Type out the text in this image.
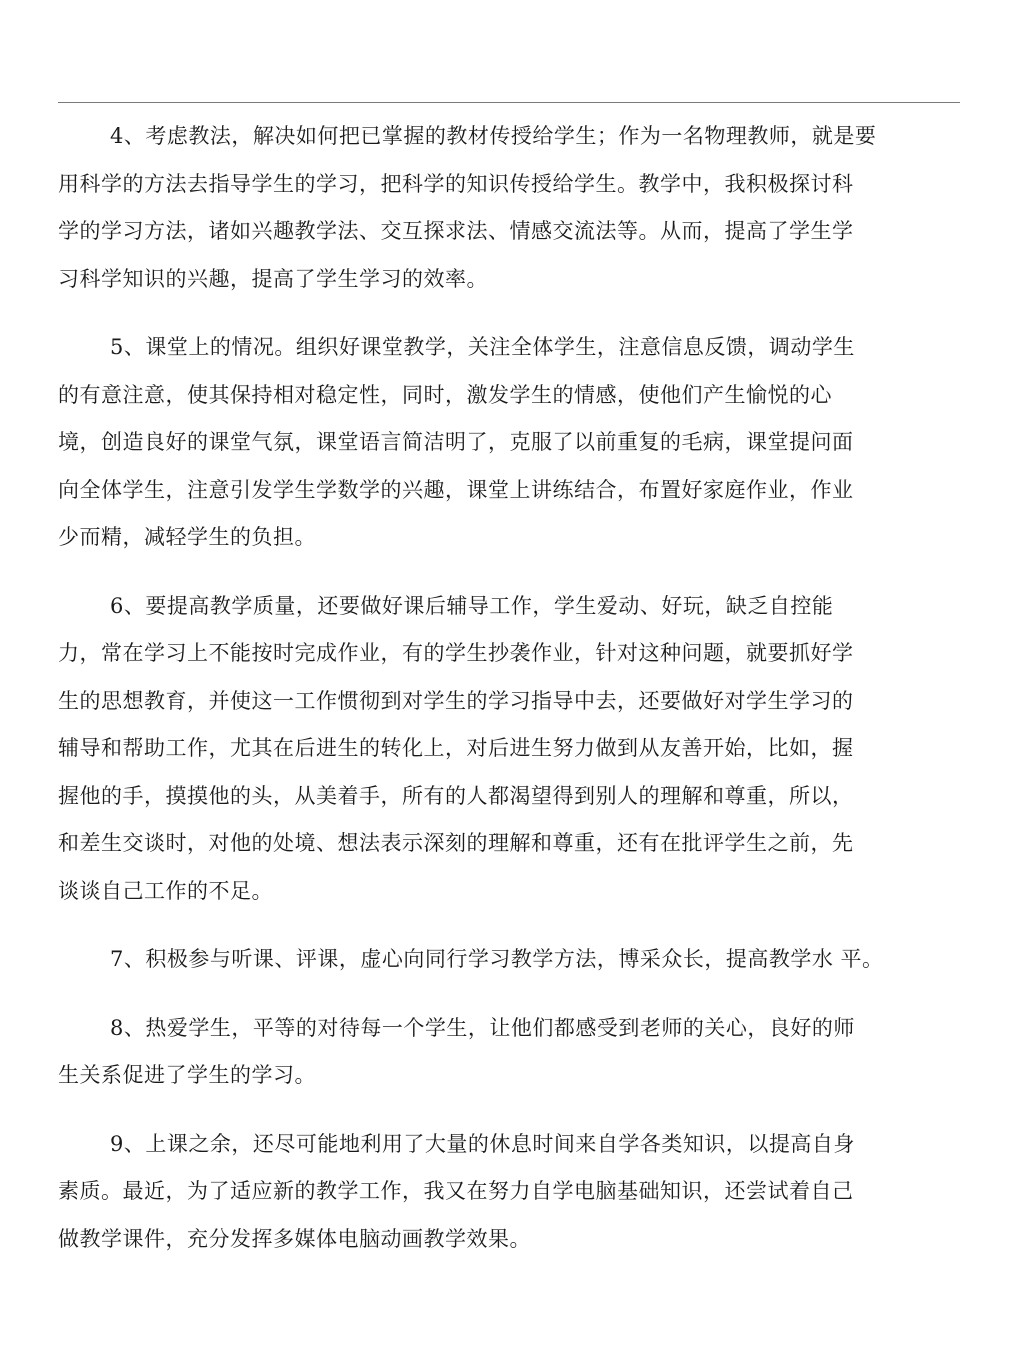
4、考虑教法，解决如何把已掌握的教材传授给学生；作为一名物理教师，就是要
用科学的方法去指导学生的学习，把科学的知识传授给学生。教学中，我积极探讨科
学的学习方法，诸如兴趣教学法、交互探求法、情感交流法等。从而，提高了学生学
习科学知识的兴趣，提高了学生学习的效率。

5、课堂上的情况。组织好课堂教学，关注全体学生，注意信息反馈，调动学生
的有意注意，使其保持相对稳定性，同时，激发学生的情感，使他们产生愉悦的心
境，创造良好的课堂气氛，课堂语言简洁明了，克服了以前重复的毛病，课堂提问面
向全体学生，注意引发学生学数学的兴趣，课堂上讲练结合，布置好家庭作业，作业
少而精，减轻学生的负担。

6、要提高教学质量，还要做好课后辅导工作，学生爱动、好玩，缺乏自控能
力，常在学习上不能按时完成作业，有的学生抄袭作业，针对这种问题，就要抓好学
生的思想教育，并使这一工作惯彻到对学生的学习指导中去，还要做好对学生学习的
辅导和帮助工作，尤其在后进生的转化上，对后进生努力做到从友善开始，比如，握
握他的手，摸摸他的头，从美着手，所有的人都渴望得到别人的理解和尊重，所以，
和差生交谈时，对他的处境、想法表示深刻的理解和尊重，还有在批评学生之前，先
谈谈自己工作的不足。

7、积极参与听课、评课，虚心向同行学习教学方法，博采众长，提高教学水 平。

8、热爱学生，平等的对待每一个学生，让他们都感受到老师的关心，良好的师
生关系促进了学生的学习。

9、上课之余，还尽可能地利用了大量的休息时间来自学各类知识，以提高自身
素质。最近，为了适应新的教学工作，我又在努力自学电脑基础知识，还尝试着自己
做教学课件，充分发挥多媒体电脑动画教学效果。
